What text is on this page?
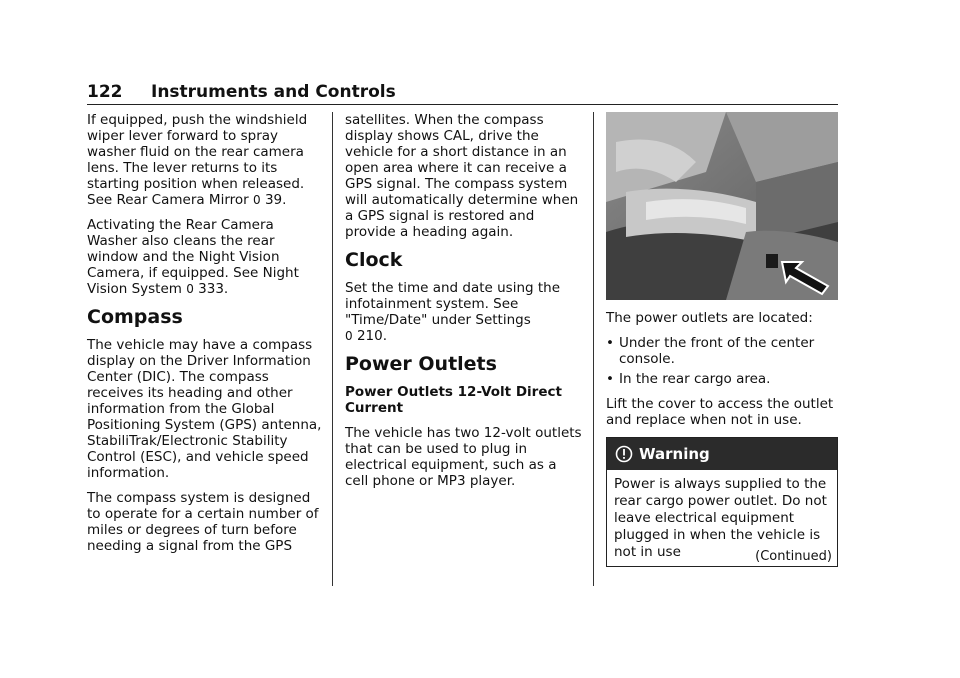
122 Instruments and Controls

If equipped, push the windshield wiper lever forward to spray washer fluid on the rear camera lens. The lever returns to its starting position when released. See Rear Camera Mirror 0 39.

Activating the Rear Camera Washer also cleans the rear window and the Night Vision Camera, if equipped. See Night Vision System 0 333.

Compass

The vehicle may have a compass display on the Driver Information Center (DIC). The compass receives its heading and other information from the Global Positioning System (GPS) antenna, StabiliTrak/Electronic Stability Control (ESC), and vehicle speed information.

The compass system is designed to operate for a certain number of miles or degrees of turn before needing a signal from the GPS

satellites. When the compass display shows CAL, drive the vehicle for a short distance in an open area where it can receive a GPS signal. The compass system will automatically determine when a GPS signal is restored and provide a heading again.

Clock

Set the time and date using the infotainment system. See "Time/Date" under Settings
0 210.

Power Outlets
Power Outlets 12-Volt Direct Current

The vehicle has two 12-volt outlets that can be used to plug in electrical equipment, such as a cell phone or MP3 player.

The power outlets are located:

• Under the front of the center console.
• In the rear cargo area.

Lift the cover to access the outlet and replace when not in use.

Warning
Power is always supplied to the rear cargo power outlet. Do not leave electrical equipment plugged in when the vehicle is not in use	(Continued)
